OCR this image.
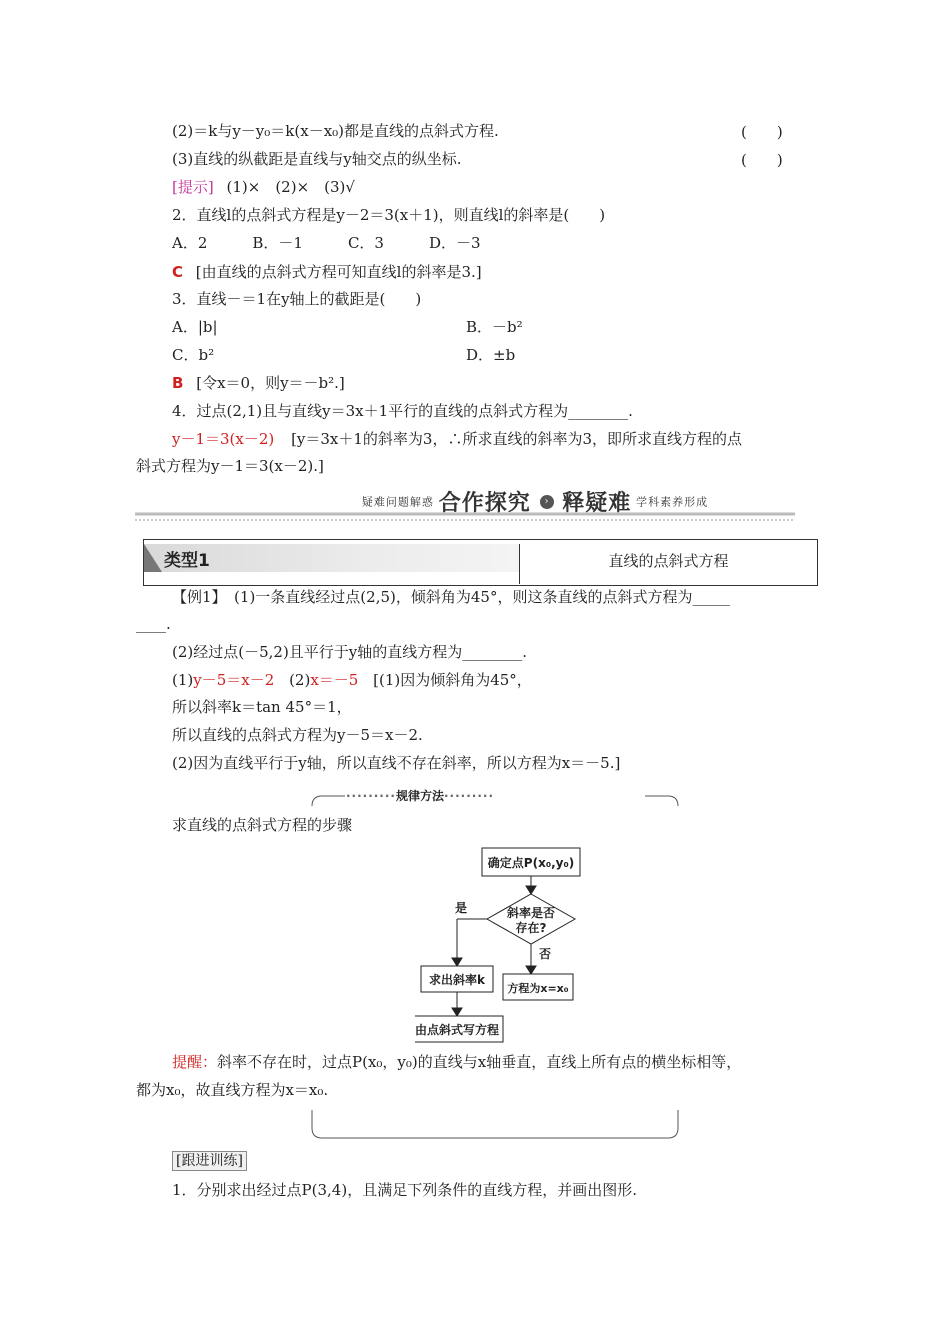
(2)＝k与y－y₀＝k(x－x₀)都是直线的点斜式方程.	(　　)
(3)直线的纵截距是直线与y轴交点的纵坐标.	(　　)
[提示] (1)×　(2)×　(3)√
2．直线l的点斜式方程是y－2＝3(x＋1)，则直线l的斜率是(　　)
A．2　　　B．－1　　　C．3　　　D．－3
C [由直线的点斜式方程可知直线l的斜率是3.]
3．直线－＝1在y轴上的截距是(　　)
A．|b|	B．－b²
C．b²	D．±b
B [令x＝0，则y＝－b².]
4．过点(2,1)且与直线y＝3x＋1平行的直线的点斜式方程为________.
y－1＝3(x－2) [y＝3x＋1的斜率为3，∴所求直线的斜率为3，即所求直线方程的点
斜式方程为y－1＝3(x－2).]
疑难问题解惑 合作探究 › 释疑难 学科素养形成
类型1	直线的点斜式方程
【例1】　(1)一条直线经过点(2,5)，倾斜角为45°，则这条直线的点斜式方程为_____
____.
(2)经过点(－5,2)且平行于y轴的直线方程为________.
(1)y－5＝x－2 (2)x＝－5 [(1)因为倾斜角为45°，
所以斜率k＝tan 45°＝1，
所以直线的点斜式方程为y－5＝x－2.
(2)因为直线平行于y轴，所以直线不存在斜率，所以方程为x＝－5.]
·········规律方法·········
求直线的点斜式方程的步骤
确定点P(x₀,y₀)
斜率是否
存在?
是
否
求出斜率k
方程为x=x₀
由点斜式写方程
提醒：斜率不存在时，过点P(x₀，y₀)的直线与x轴垂直，直线上所有点的横坐标相等，
都为x₀，故直线方程为x＝x₀.
[跟进训练]
1．分别求出经过点P(3,4)，且满足下列条件的直线方程，并画出图形.
